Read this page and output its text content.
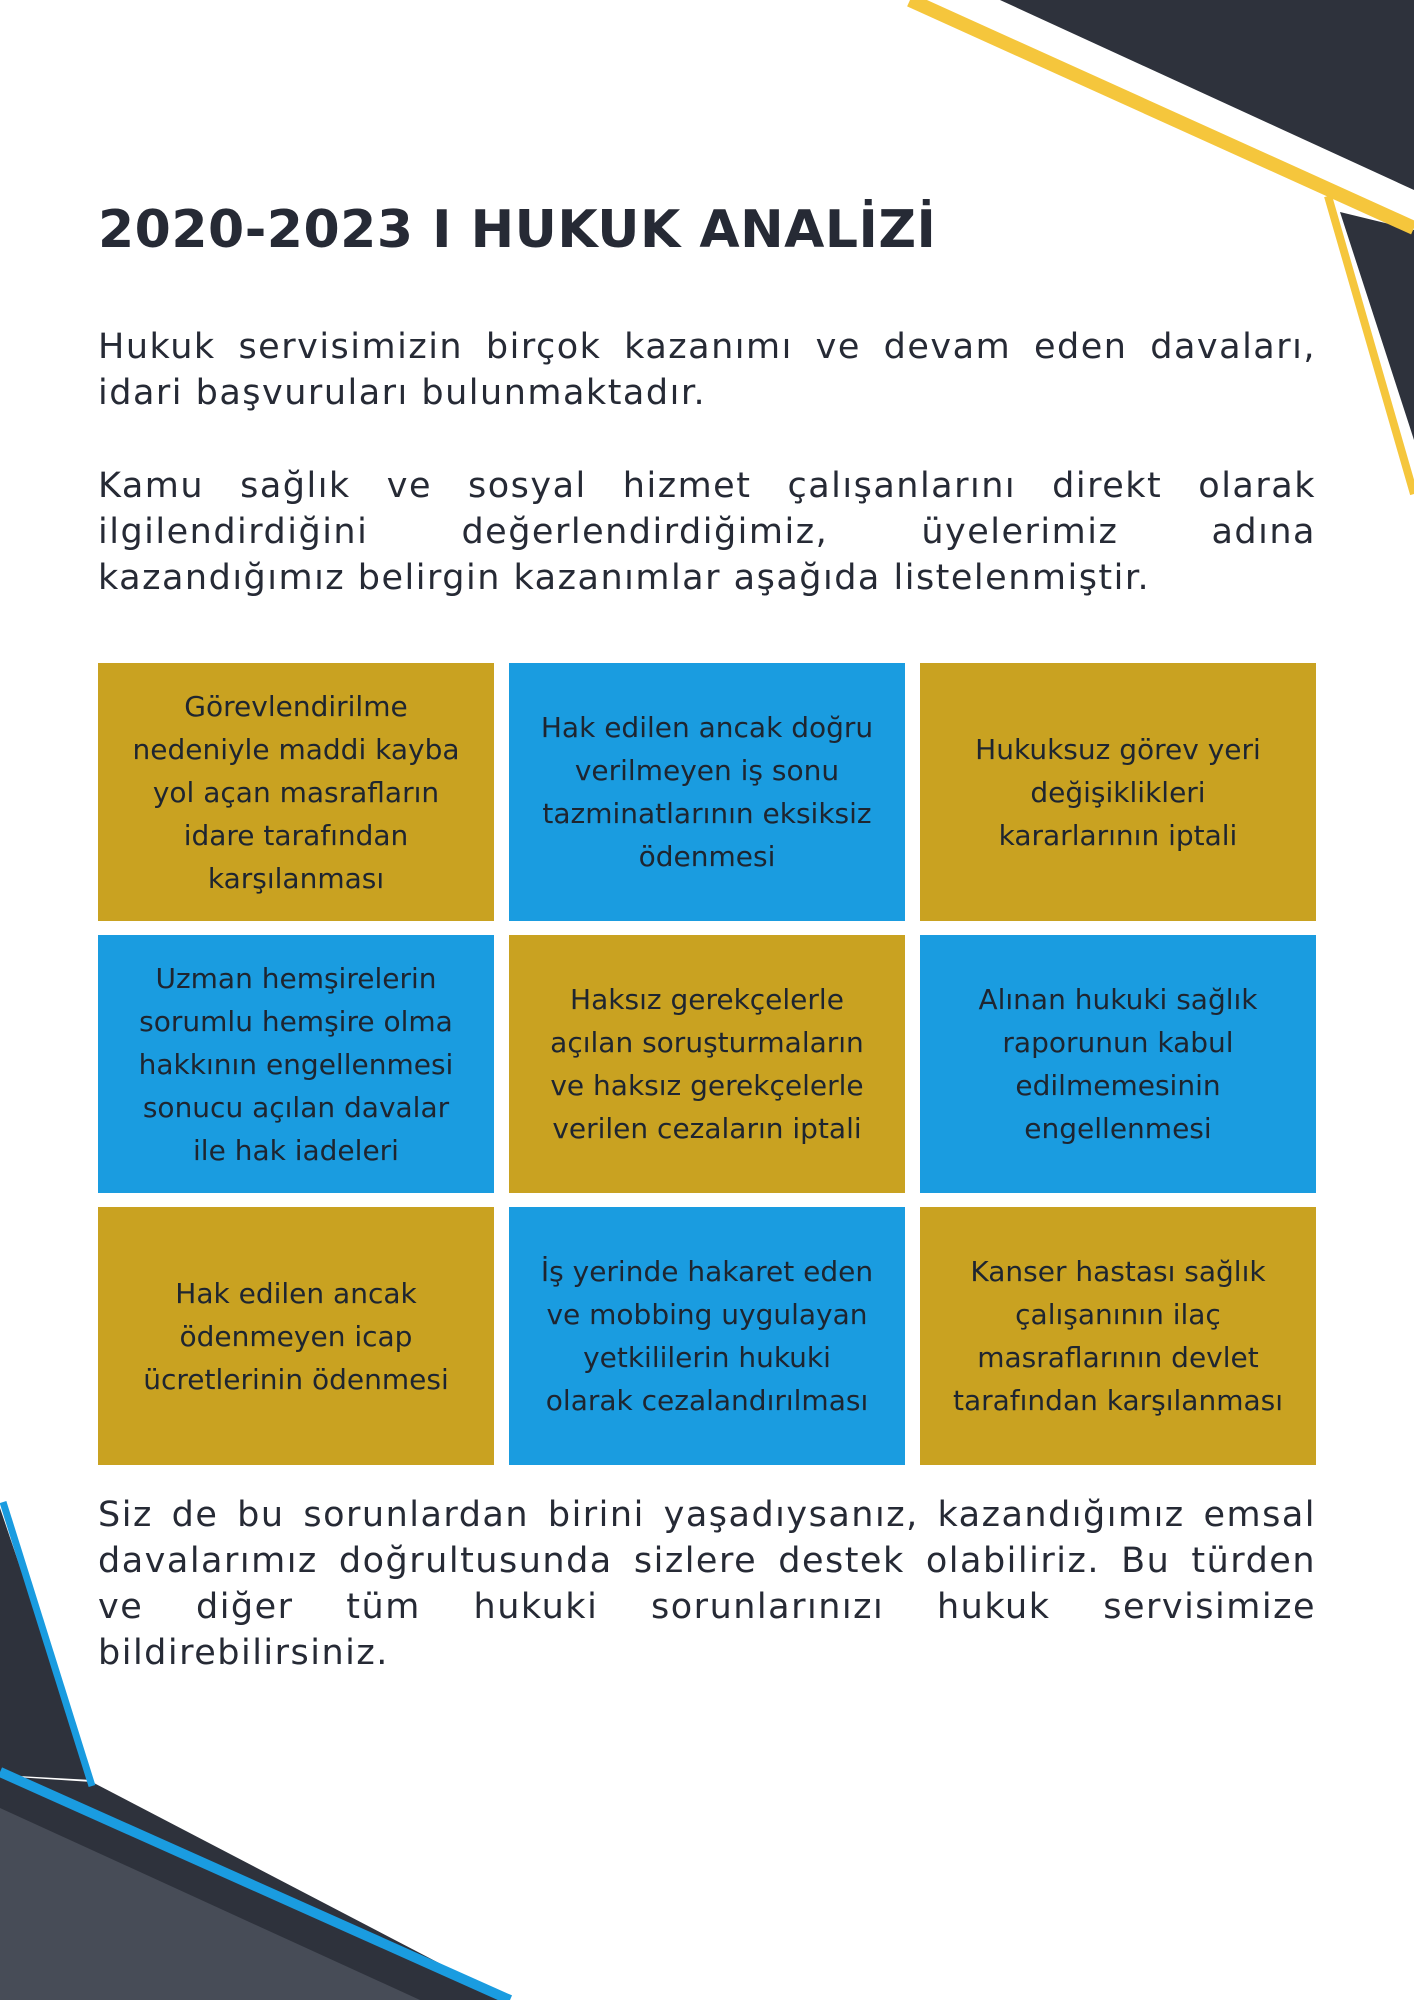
2020-2023 I HUKUK ANALİZİ

Hukuk servisimizin birçok kazanımı ve devam eden davaları, idari başvuruları bulunmaktadır.

Kamu sağlık ve sosyal hizmet çalışanlarını direkt olarak ilgilendirdiğini değerlendirdiğimiz, üyelerimiz adına kazandığımız belirgin kazanımlar aşağıda listelenmiştir.

Görevlendirilme
nedeniyle maddi kayba
yol açan masrafların
idare tarafından
karşılanması
Hak edilen ancak doğru
verilmeyen iş sonu
tazminatlarının eksiksiz
ödenmesi
Hukuksuz görev yeri
değişiklikleri
kararlarının iptali
Uzman hemşirelerin
sorumlu hemşire olma
hakkının engellenmesi
sonucu açılan davalar
ile hak iadeleri
Haksız gerekçelerle
açılan soruşturmaların
ve haksız gerekçelerle
verilen cezaların iptali
Alınan hukuki sağlık
raporunun kabul
edilmemesinin
engellenmesi
Hak edilen ancak
ödenmeyen icap
ücretlerinin ödenmesi
İş yerinde hakaret eden
ve mobbing uygulayan
yetkililerin hukuki
olarak cezalandırılması
Kanser hastası sağlık
çalışanının ilaç
masraflarının devlet
tarafından karşılanması

Siz de bu sorunlardan birini yaşadıysanız, kazandığımız emsal davalarımız doğrultusunda sizlere destek olabiliriz. Bu türden ve diğer tüm hukuki sorunlarınızı hukuk servisimize bildirebilirsiniz.
